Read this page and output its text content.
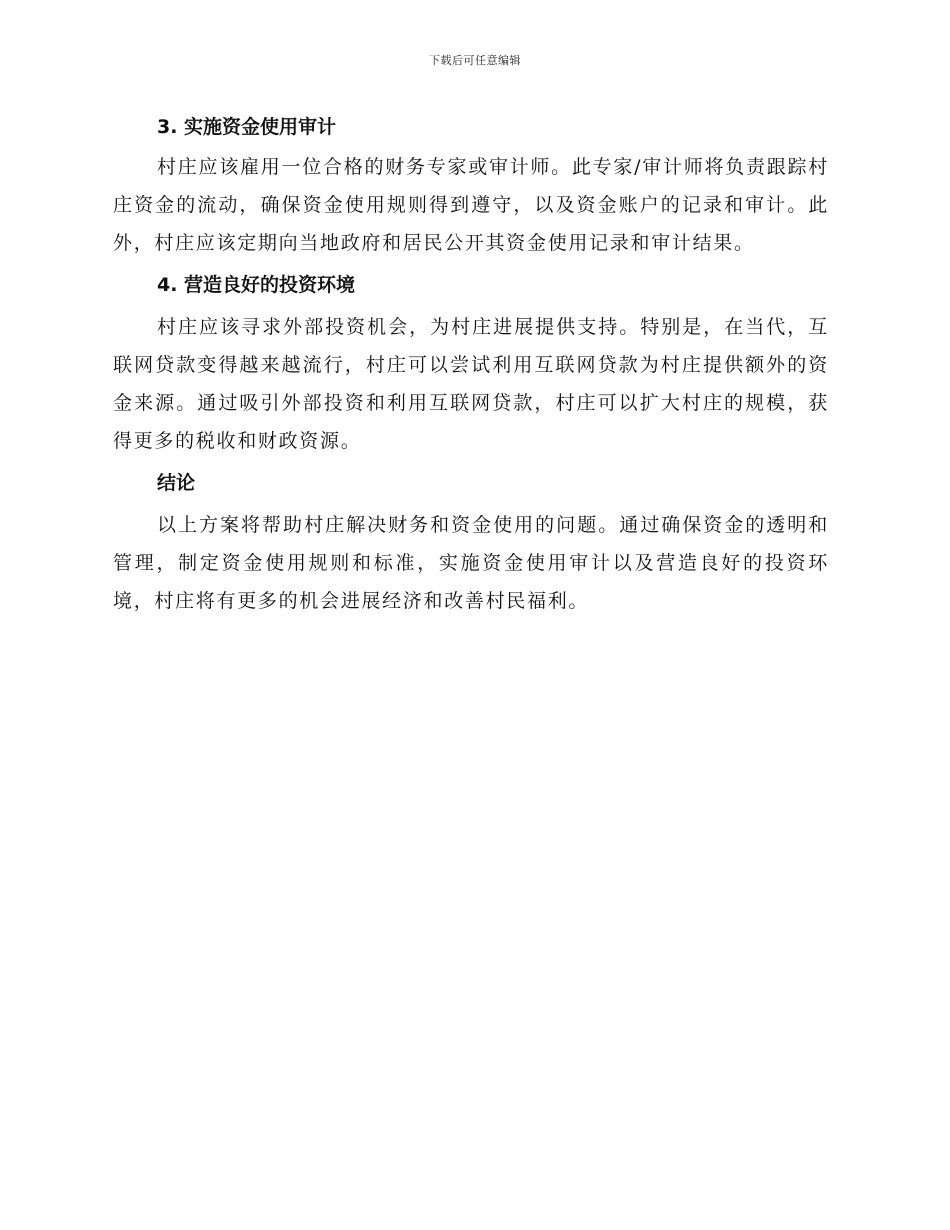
下载后可任意编辑
3. 实施资金使用审计

村庄应该雇用一位合格的财务专家或审计师。此专家/审计师将负责跟踪村庄资金的流动，确保资金使用规则得到遵守，以及资金账户的记录和审计。此外，村庄应该定期向当地政府和居民公开其资金使用记录和审计结果。

4. 营造良好的投资环境

村庄应该寻求外部投资机会，为村庄进展提供支持。特别是，在当代，互联网贷款变得越来越流行，村庄可以尝试利用互联网贷款为村庄提供额外的资金来源。通过吸引外部投资和利用互联网贷款，村庄可以扩大村庄的规模，获得更多的税收和财政资源。

结论

以上方案将帮助村庄解决财务和资金使用的问题。通过确保资金的透明和管理，制定资金使用规则和标准，实施资金使用审计以及营造良好的投资环境，村庄将有更多的机会进展经济和改善村民福利。
